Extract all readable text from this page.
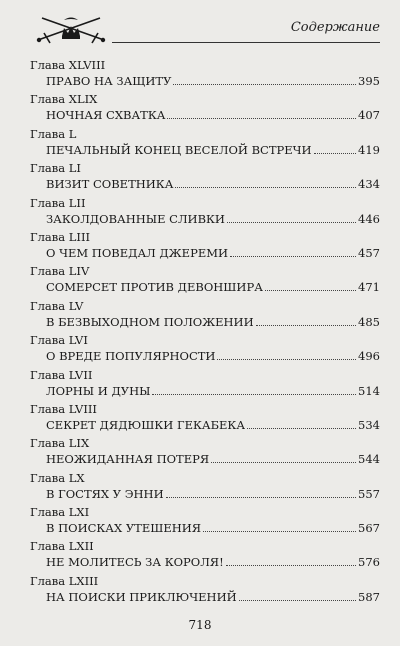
Содержание
Глава XLVIII
ПРАВО НА ЗАЩИТУ	395
Глава XLIX
НОЧНАЯ СХВАТКА	407
Глава L
ПЕЧАЛЬНЫЙ КОНЕЦ ВЕСЕЛОЙ ВСТРЕЧИ	419
Глава LI
ВИЗИТ СОВЕТНИКА	434
Глава LII
ЗАКОЛДОВАННЫЕ СЛИВКИ	446
Глава LIII
О ЧЕМ ПОВЕДАЛ ДЖЕРЕМИ	457
Глава LIV
СОМЕРСЕТ ПРОТИВ ДЕВОНШИРА	471
Глава LV
В БЕЗВЫХОДНОМ ПОЛОЖЕНИИ	485
Глава LVI
О ВРЕДЕ ПОПУЛЯРНОСТИ	496
Глава LVII
ЛОРНЫ И ДУНЫ	514
Глава LVIII
СЕКРЕТ ДЯДЮШКИ ГЕКАБЕКА	534
Глава LIX
НЕОЖИДАННАЯ ПОТЕРЯ	544
Глава LX
В ГОСТЯХ У ЭННИ	557
Глава LXI
В ПОИСКАХ УТЕШЕНИЯ	567
Глава LXII
НЕ МОЛИТЕСЬ ЗА КОРОЛЯ!	576
Глава LXIII
НА ПОИСКИ ПРИКЛЮЧЕНИЙ	587
718
